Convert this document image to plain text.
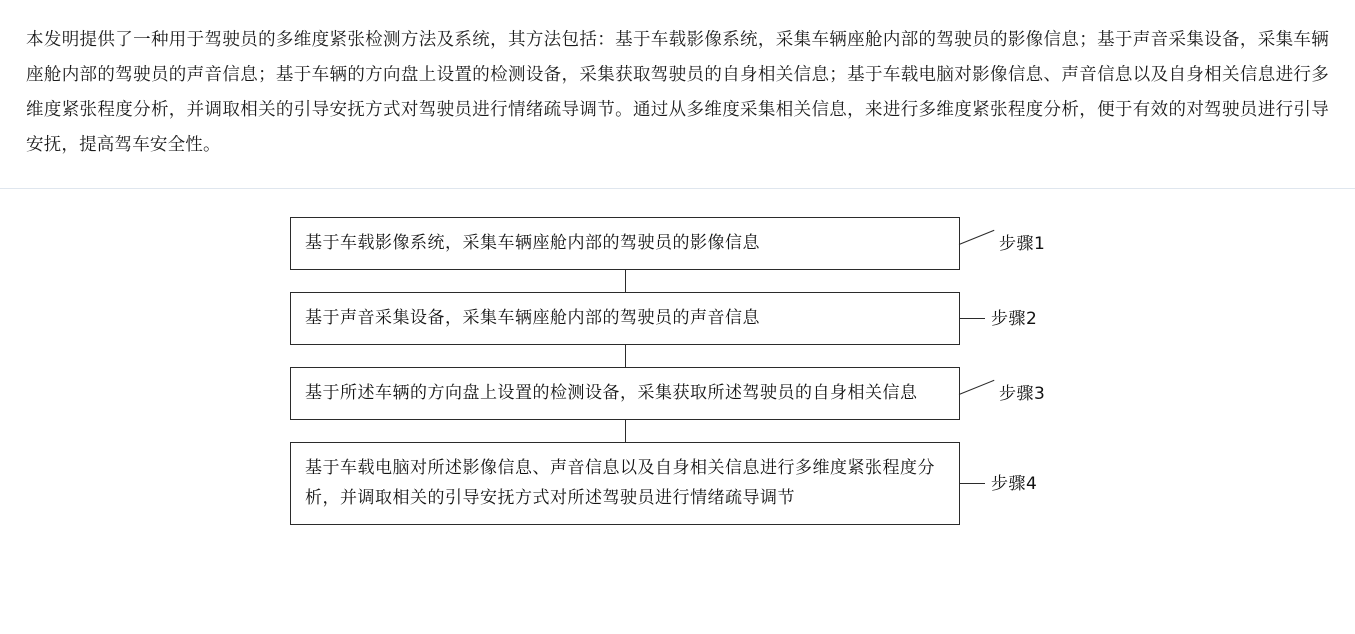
本发明提供了一种用于驾驶员的多维度紧张检测方法及系统，其方法包括：基于车载影像系统，采集车辆座舱内部的驾驶员的影像信息；基于声音采集设备，采集车辆座舱内部的驾驶员的声音信息；基于车辆的方向盘上设置的检测设备，采集获取驾驶员的自身相关信息；基于车载电脑对影像信息、声音信息以及自身相关信息进行多维度紧张程度分析，并调取相关的引导安抚方式对驾驶员进行情绪疏导调节。通过从多维度采集相关信息，来进行多维度紧张程度分析，便于有效的对驾驶员进行引导安抚，提高驾车安全性。

基于车载影像系统，采集车辆座舱内部的驾驶员的影像信息	步骤1
基于声音采集设备，采集车辆座舱内部的驾驶员的声音信息	步骤2
基于所述车辆的方向盘上设置的检测设备，采集获取所述驾驶员的自身相关信息	步骤3
基于车载电脑对所述影像信息、声音信息以及自身相关信息进行多维度紧张程度分析，并调取相关的引导安抚方式对所述驾驶员进行情绪疏导调节
步骤4
